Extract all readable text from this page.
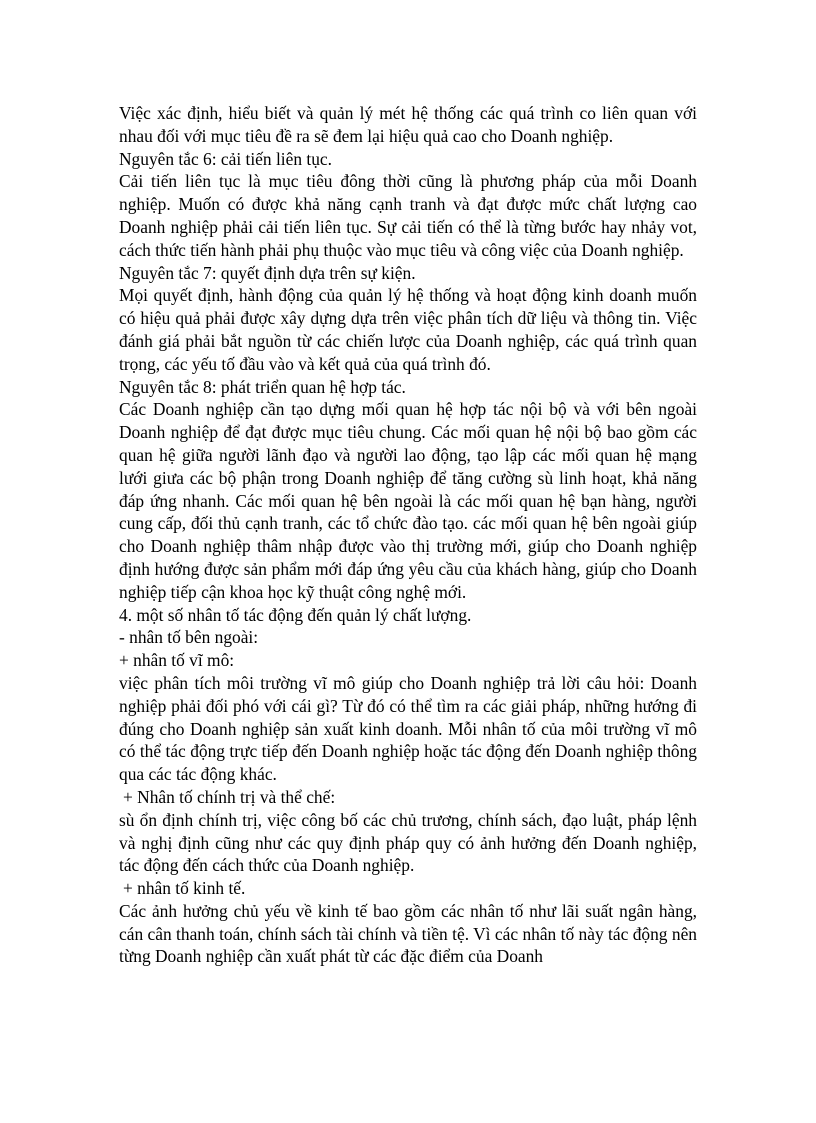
Việc xác định, hiểu biết và quản lý mét hệ thống các quá trình co liên quan với nhau đối với mục tiêu đề ra sẽ đem lại hiệu quả cao cho Doanh nghiệp.

Nguyên tắc 6: cải tiến liên tục.

Cải tiến liên tục là mục tiêu đông thời cũng là phương pháp của mỗi Doanh nghiệp. Muốn có được khả năng cạnh tranh và đạt được mức chất lượng cao Doanh nghiệp phải cải tiến liên tục. Sự cải tiến có thể là từng bước hay nhảy vot, cách thức tiến hành phải phụ thuộc vào mục tiêu và công việc của Doanh nghiệp.

Nguyên tắc 7: quyết định dựa trên sự kiện.

Mọi quyết định, hành động của quản lý hệ thống và hoạt động kinh doanh muốn có hiệu quả phải được xây dựng dựa trên việc phân tích dữ liệu và thông tin. Việc đánh giá phải bắt nguồn từ các chiến lược của Doanh nghiệp, các quá trình quan trọng, các yếu tố đầu vào và kết quả của quá trình đó.

Nguyên tắc 8: phát triển quan hệ hợp tác.

Các Doanh nghiệp cần tạo dựng mối quan hệ hợp tác nội bộ và với bên ngoài Doanh nghiệp để đạt được mục tiêu chung. Các mối quan hệ nội bộ bao gồm các quan hệ giữa người lãnh đạo và người lao động, tạo lập các mối quan hệ mạng lưới giưa các bộ phận trong Doanh nghiệp để tăng cường sù linh hoạt, khả năng đáp ứng nhanh. Các mối quan hệ bên ngoài là các mối quan hệ bạn hàng, người cung cấp, đối thủ cạnh tranh, các tổ chức đào tạo. các mối quan hệ bên ngoài giúp cho Doanh nghiệp thâm nhập được vào thị trường mới, giúp cho Doanh nghiệp định hướng được sản phẩm mới đáp ứng yêu cầu của khách hàng, giúp cho Doanh nghiệp tiếp cận khoa học kỹ thuật công nghệ mới.

4. một số nhân tố tác động đến quản lý chất lượng.

- nhân tố bên ngoài:

+ nhân tố vĩ mô:

việc phân tích môi trường vĩ mô giúp cho Doanh nghiệp trả lời câu hỏi: Doanh nghiệp phải đối phó với cái gì? Từ đó có thể tìm ra các giải pháp, những hướng đi đúng cho Doanh nghiệp sản xuất kinh doanh. Mỗi nhân tố của môi trường vĩ mô có thể tác động trực tiếp đến Doanh nghiệp hoặc tác động đến Doanh nghiệp thông qua các tác động khác.

+ Nhân tố chính trị và thể chế:

sù ổn định chính trị, việc công bố các chủ trương, chính sách, đạo luật, pháp lệnh và nghị định cũng như các quy định pháp quy có ảnh hưởng đến Doanh nghiệp, tác động đến cách thức của Doanh nghiệp.

+ nhân tố kinh tế.

Các ảnh hưởng chủ yếu về kinh tế bao gồm các nhân tố như lãi suất ngân hàng, cán cân thanh toán, chính sách tài chính và tiền tệ. Vì các nhân tố này tác động nên từng Doanh nghiệp cần xuất phát từ các đặc điểm của Doanh
